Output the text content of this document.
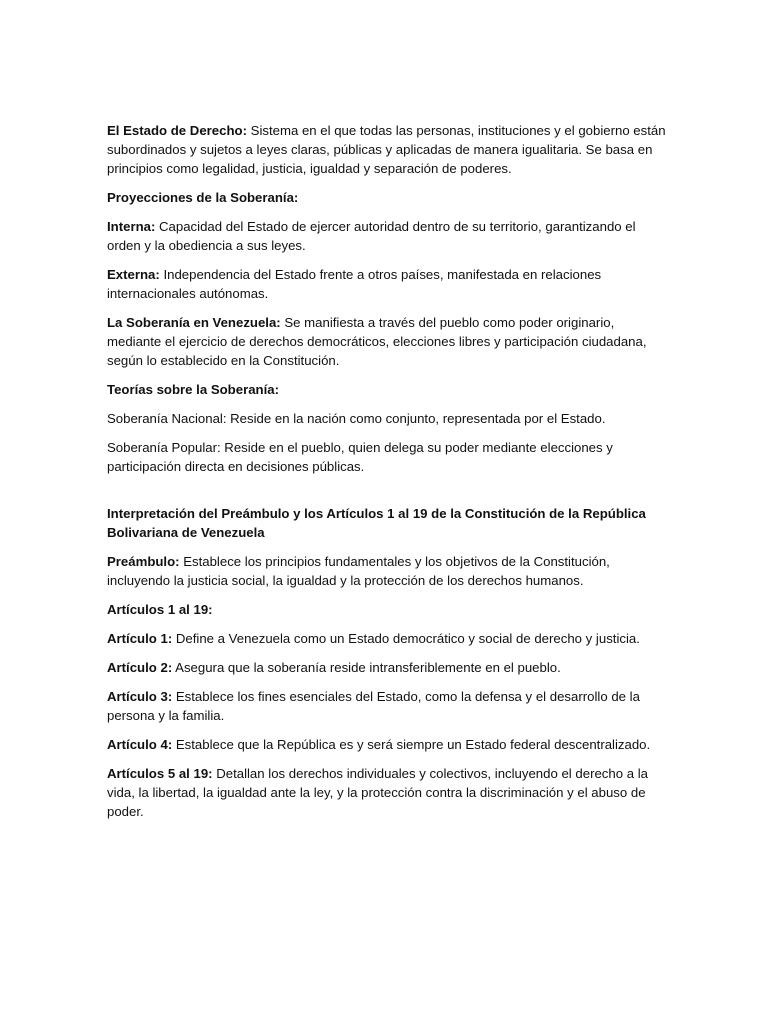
El Estado de Derecho: Sistema en el que todas las personas, instituciones y el gobierno están subordinados y sujetos a leyes claras, públicas y aplicadas de manera igualitaria. Se basa en principios como legalidad, justicia, igualdad y separación de poderes.

Proyecciones de la Soberanía:

Interna: Capacidad del Estado de ejercer autoridad dentro de su territorio, garantizando el orden y la obediencia a sus leyes.

Externa: Independencia del Estado frente a otros países, manifestada en relaciones internacionales autónomas.

La Soberanía en Venezuela: Se manifiesta a través del pueblo como poder originario, mediante el ejercicio de derechos democráticos, elecciones libres y participación ciudadana, según lo establecido en la Constitución.

Teorías sobre la Soberanía:

Soberanía Nacional: Reside en la nación como conjunto, representada por el Estado.

Soberanía Popular: Reside en el pueblo, quien delega su poder mediante elecciones y participación directa en decisiones públicas.

Interpretación del Preámbulo y los Artículos 1 al 19 de la Constitución de la República Bolivariana de Venezuela

Preámbulo: Establece los principios fundamentales y los objetivos de la Constitución, incluyendo la justicia social, la igualdad y la protección de los derechos humanos.

Artículos 1 al 19:

Artículo 1: Define a Venezuela como un Estado democrático y social de derecho y justicia.

Artículo 2: Asegura que la soberanía reside intransferiblemente en el pueblo.

Artículo 3: Establece los fines esenciales del Estado, como la defensa y el desarrollo de la persona y la familia.

Artículo 4: Establece que la República es y será siempre un Estado federal descentralizado.

Artículos 5 al 19: Detallan los derechos individuales y colectivos, incluyendo el derecho a la vida, la libertad, la igualdad ante la ley, y la protección contra la discriminación y el abuso de poder.
